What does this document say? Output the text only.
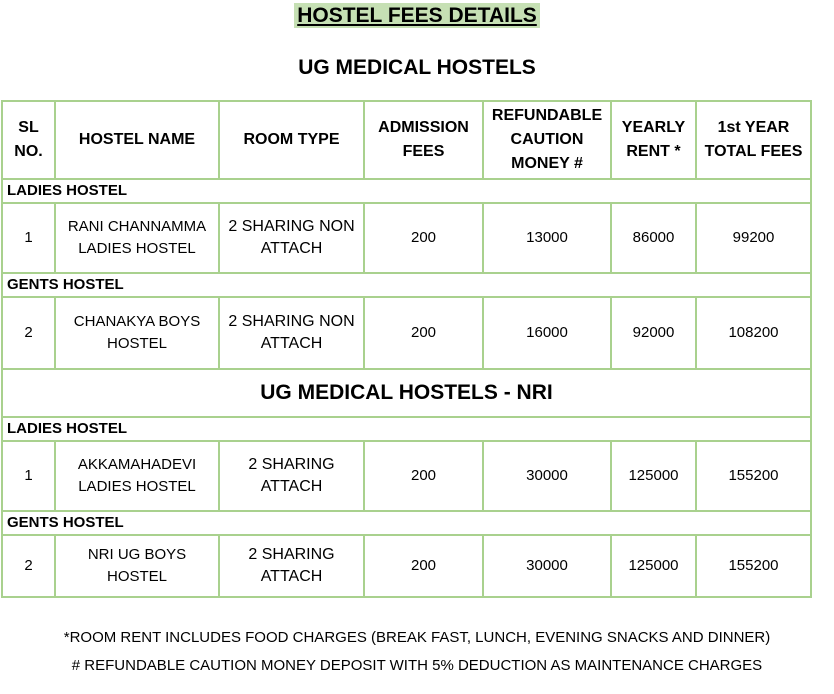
HOSTEL FEES DETAILS
UG MEDICAL HOSTELS
SL NO.	HOSTEL NAME	ROOM TYPE	ADMISSION FEES	REFUNDABLE CAUTION MONEY #	YEARLY RENT *	1st YEAR TOTAL FEES
LADIES HOSTEL						
1	RANI CHANNAMMA LADIES HOSTEL	2 SHARING NON ATTACH	200	13000	86000	99200
GENTS HOSTEL						
2	CHANAKYA BOYS HOSTEL	2 SHARING NON ATTACH	200	16000	92000	108200
UG MEDICAL HOSTELS - NRI						
LADIES HOSTEL						
1	AKKAMAHADEVI LADIES HOSTEL	2 SHARING ATTACH	200	30000	125000	155200
GENTS HOSTEL						
2	NRI UG BOYS HOSTEL	2 SHARING ATTACH	200	30000	125000	155200
*ROOM RENT INCLUDES FOOD CHARGES (BREAK FAST, LUNCH, EVENING SNACKS AND DINNER)
# REFUNDABLE CAUTION MONEY DEPOSIT WITH 5% DEDUCTION AS MAINTENANCE CHARGES
